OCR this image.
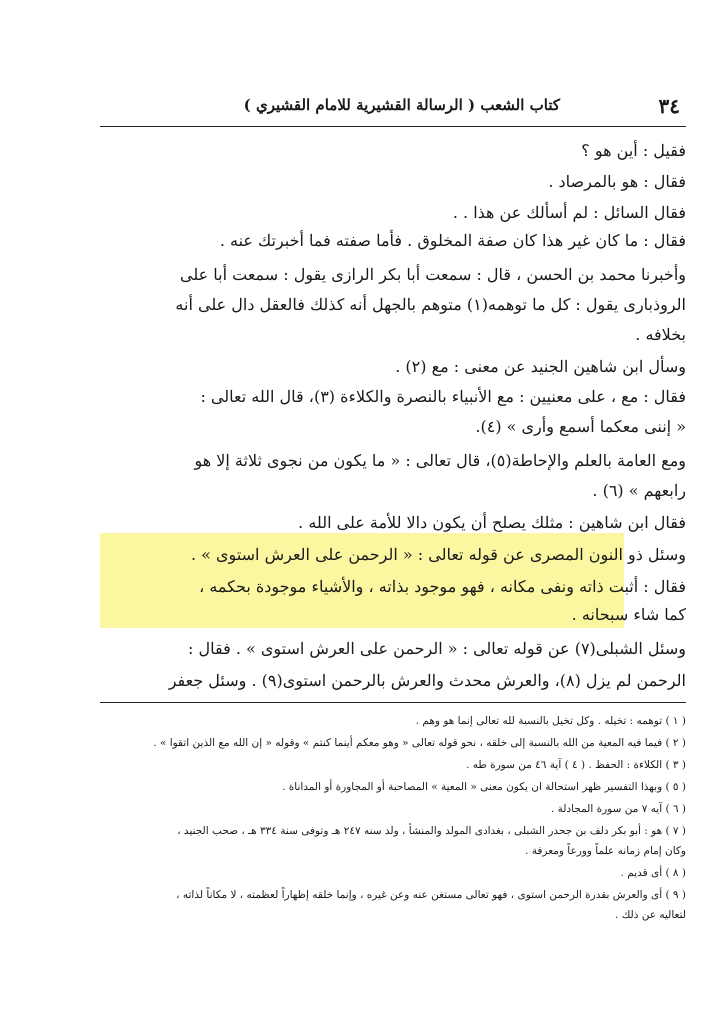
٣٤
كتاب الشعب ( الرسالة القشيرية للامام القشيري )
فقيل : أين هو ؟
فقال : هو بالمرصاد .
فقال السائل : لم أسألك عن هذا . .
فقال : ما كان غير هذا كان صفة المخلوق . فأما صفته فما أخبرتك عنه .
وأخبرنا محمد بن الحسن ، قال : سمعت أبا بكر الرازى يقول : سمعت أبا على
الروذبارى يقول : كل ما توهمه(١) متوهم بالجهل أنه كذلك فالعقل دال على أنه
بخلافه .
وسأل ابن شاهين الجنيد عن معنى : مع (٢) .
فقال : مع ، على معنيين : مع الأنبياء بالنصرة والكلاءة (٣)، قال الله تعالى :
« إننى معكما أسمع وأرى » (٤).
ومع العامة بالعلم والإحاطة(٥)، قال تعالى : « ما يكون من نجوى ثلاثة إلا هو
رابعهم » (٦) .
فقال ابن شاهين : مثلك يصلح أن يكون دالا للأمة على الله .
وسئل ذو النون المصرى عن قوله تعالى : « الرحمن على العرش استوى » .
فقال : أثبت ذاته ونفى مكانه ، فهو موجود بذاته ، والأشياء موجودة بحكمه ،
كما شاء سبحانه .
وسئل الشبلى(٧) عن قوله تعالى : « الرحمن على العرش استوى » . فقال :
الرحمن لم يزل (٨)، والعرش محدث والعرش بالرحمن استوى(٩) . وسئل جعفر
( ١ ) توهمه : تخيله . وكل تخيل بالنسبة لله تعالى إنما هو وهم .
( ٢ ) فيما فيه المعية من الله بالنسبة إلى خلقه ، نحو قوله تعالى « وهو معكم أينما كنتم » وقوله « إن الله مع الذين اتقوا » .
( ٣ ) الكلاءة : الحفظ . ( ٤ ) آية ٤٦ من سورة طه .
( ٥ ) وبهذا التفسير ظهر استحالة ان يكون معنى « المعية » المصاحبة أو المجاورة أو المداناة .
( ٦ ) آيه ٧ من سورة المجادلة .
( ٧ ) هو : أبو بكر دلف بن جحدر الشبلى ، بغدادى المولد والمنشأ ، ولد سنه ٢٤٧ هـ وتوفى سنة ٣٣٤ هـ ، صحب الجنيد ،
وكان إمام زمانه علماً وورعاً ومعرفة .
( ٨ ) أى قديم .
( ٩ ) أى والعرش بقدرة الرحمن استوى ، فهو تعالى مستغن عنه وعن غيره ، وإنما خلقه إظهاراً لعظمته ، لا مكاناً لذاته ،
لتعاليه عن ذلك .
